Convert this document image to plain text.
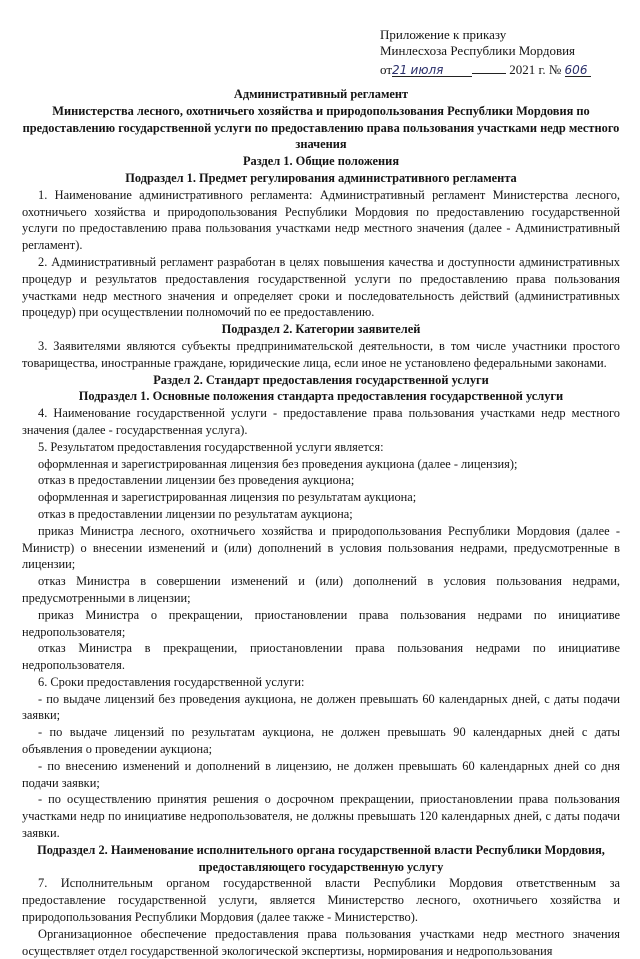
Приложение к приказу
Минлесхоза Республики Мордовия
от21 июля	2021 г. № 606

Административный регламент

Министерства лесного, охотничьего хозяйства и природопользования Республики Мордовия по предоставлению государственной услуги по предоставлению права пользования участками недр местного значения

Раздел 1. Общие положения

Подраздел 1. Предмет регулирования административного регламента

1. Наименование административного регламента: Административный регламент Министерства лесного, охотничьего хозяйства и природопользования Республики Мордовия по предоставлению государственной услуги по предоставлению права пользования участками недр местного значения (далее - Административный регламент).

2. Административный регламент разработан в целях повышения качества и доступности административных процедур и результатов предоставления государственной услуги по предоставлению права пользования участками недр местного значения и определяет сроки и последовательность действий (административных процедур) при осуществлении полномочий по ее предоставлению.

Подраздел 2. Категории заявителей

3. Заявителями являются субъекты предпринимательской деятельности, в том числе участники простого товарищества, иностранные граждане, юридические лица, если иное не установлено федеральными законами.

Раздел 2. Стандарт предоставления государственной услуги

Подраздел 1. Основные положения стандарта предоставления государственной услуги

4. Наименование государственной услуги - предоставление права пользования участками недр местного значения (далее - государственная услуга).

5. Результатом предоставления государственной услуги является:

оформленная и зарегистрированная лицензия без проведения аукциона (далее - лицензия);

отказ в предоставлении лицензии без проведения аукциона;

оформленная и зарегистрированная лицензия по результатам аукциона;

отказ в предоставлении лицензии по результатам аукциона;

приказ Министра лесного, охотничьего хозяйства и природопользования Республики Мордовия (далее - Министр) о внесении изменений и (или) дополнений в условия пользования недрами, предусмотренные в лицензии;

отказ Министра в совершении изменений и (или) дополнений в условия пользования недрами, предусмотренными в лицензии;

приказ Министра о прекращении, приостановлении права пользования недрами по инициативе недропользователя;

отказ Министра в прекращении, приостановлении права пользования недрами по инициативе недропользователя.

6. Сроки предоставления государственной услуги:

- по выдаче лицензий без проведения аукциона, не должен превышать 60 календарных дней, с даты подачи заявки;

- по выдаче лицензий по результатам аукциона, не должен превышать 90 календарных дней с даты объявления о проведении аукциона;

- по внесению изменений и дополнений в лицензию, не должен превышать 60 календарных дней со дня подачи заявки;

- по осуществлению принятия решения о досрочном прекращении, приостановлении права пользования участками недр по инициативе недропользователя, не должны превышать 120 календарных дней, с даты подачи заявки.

Подраздел 2. Наименование исполнительного органа государственной власти Республики Мордовия, предоставляющего государственную услугу

7. Исполнительным органом государственной власти Республики Мордовия ответственным за предоставление государственной услуги, является Министерство лесного, охотничьего хозяйства и природопользования Республики Мордовия (далее также - Министерство).

Организационное обеспечение предоставления права пользования участками недр местного значения осуществляет отдел государственной экологической экспертизы, нормирования и недропользования
